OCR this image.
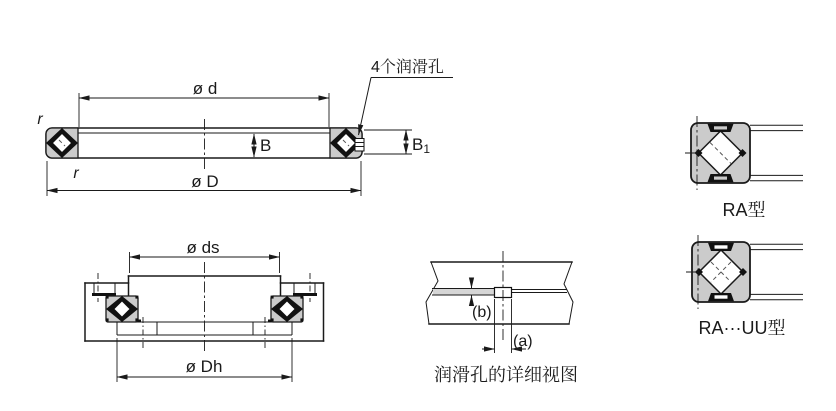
ø d
ø D
B	B1
r
r
4个润滑孔
ø ds
ø Dh
(b)
(a)
润滑孔的详细视图
RA型
RA···UU型
